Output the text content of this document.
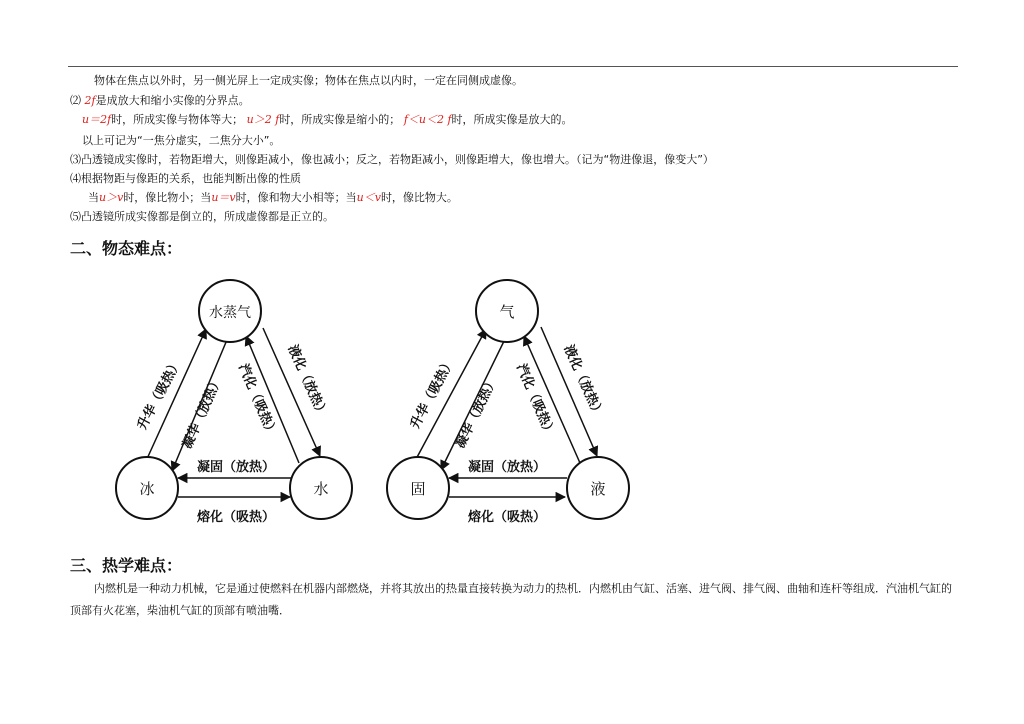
物体在焦点以外时，另一侧光屏上一定成实像；物体在焦点以内时，一定在同侧成虚像。
⑵ 2f是成放大和缩小实像的分界点。
u＝2f时，所成实像与物体等大； u＞2 f时，所成实像是缩小的； f＜u＜2 f时，所成实像是放大的。
以上可记为“一焦分虚实，二焦分大小”。
⑶凸透镜成实像时，若物距增大，则像距减小，像也减小；反之，若物距减小，则像距增大，像也增大。（记为“物进像退，像变大”）
⑷根据物距与像距的关系，也能判断出像的性质
当u＞v时，像比物小；当u＝v时，像和物大小相等；当u＜v时，像比物大。
⑸凸透镜所成实像都是倒立的，所成虚像都是正立的。
二、物态难点：
水蒸气
冰	水
升华（吸热）
凝华（放热） 汽化（吸热） 液化（放热）
凝固（放热）
熔化（吸热）
气
固	液
升华（吸热）
凝华（放热） 汽化（吸热） 液化（放热）
凝固（放热）
熔化（吸热）
三、热学难点：
内燃机是一种动力机械，它是通过使燃料在机器内部燃烧，并将其放出的热量直接转换为动力的热机．内燃机由气缸、活塞、进气阀、排气阀、曲轴和连杆等组成．汽油机气缸的顶部有火花塞，柴油机气缸的顶部有喷油嘴．
